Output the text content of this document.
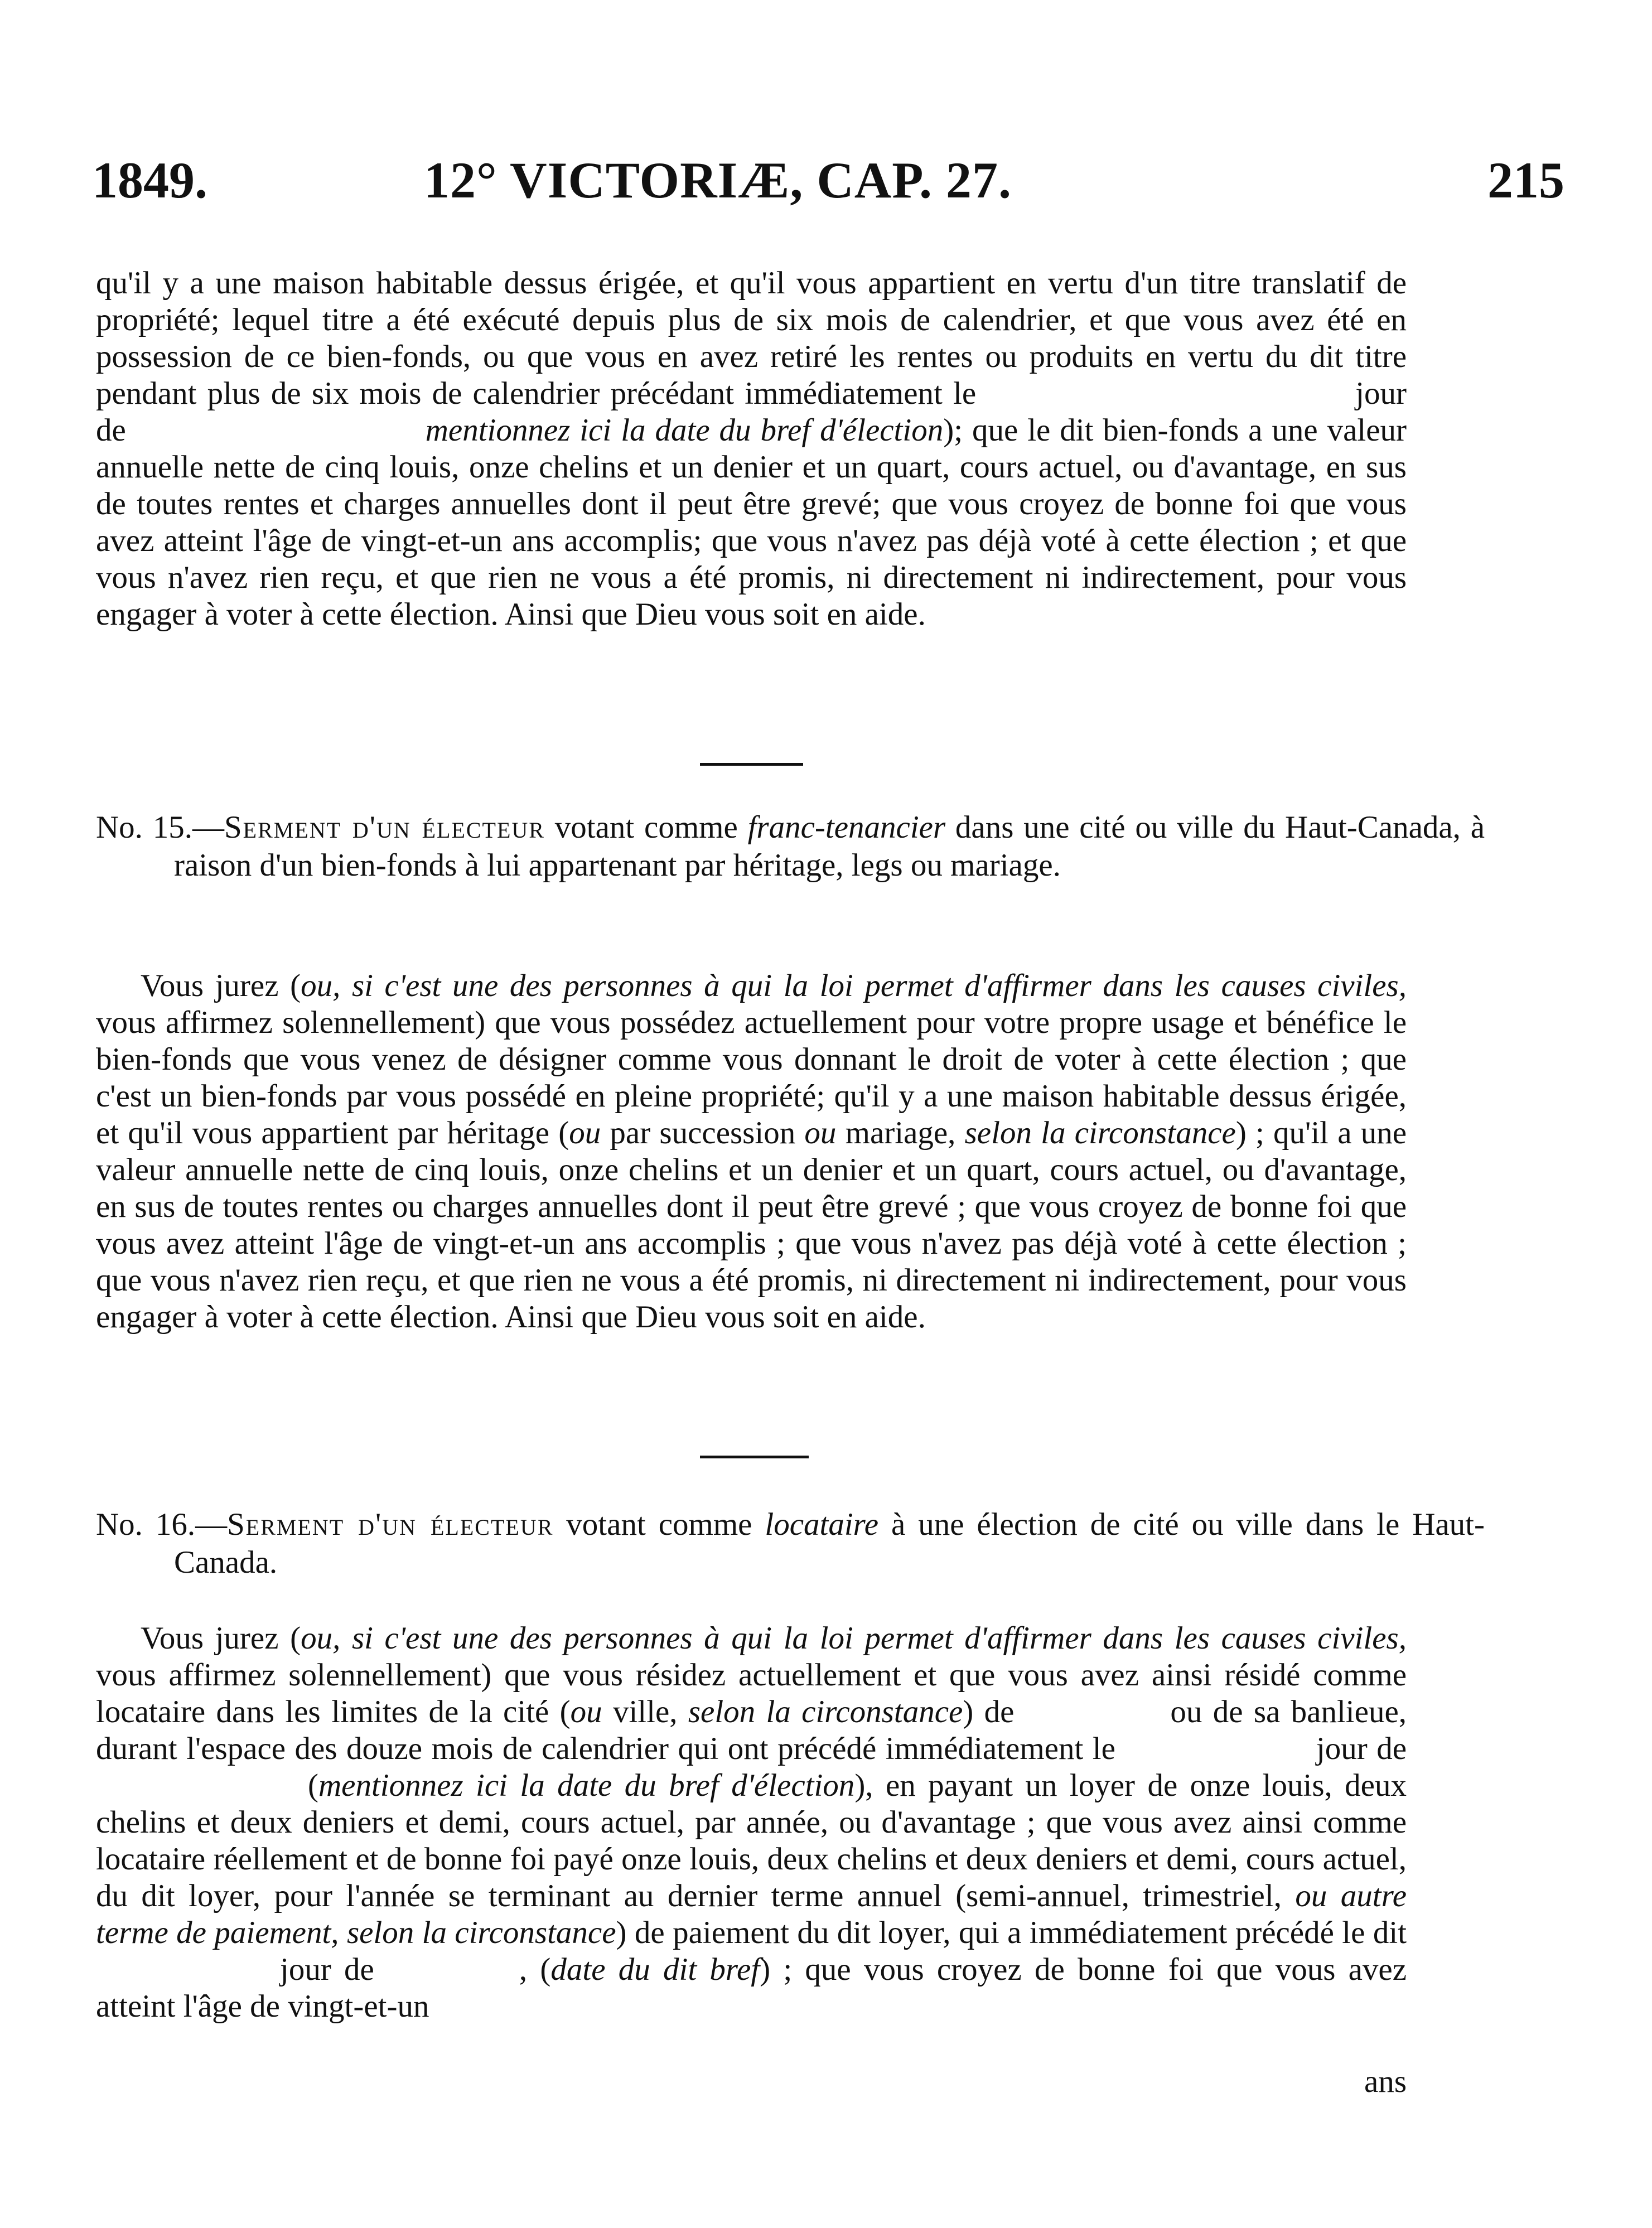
1849.	12° VICTORIÆ, CAP. 27.	215

qu'il y a une maison habitable dessus érigée, et qu'il vous appartient en vertu d'un titre translatif de propriété; lequel titre a été exécuté depuis plus de six mois de calendrier, et que vous avez été en possession de ce bien-fonds, ou que vous en avez retiré les rentes ou produits en vertu du dit titre pendant plus de six mois de calendrier précédant immédiatement le	jour de	mentionnez ici la date du bref d'élection); que le dit bien-fonds a une valeur annuelle nette de cinq louis, onze chelins et un denier et un quart, cours actuel, ou d'avantage, en sus de toutes rentes et charges annuelles dont il peut être grevé; que vous croyez de bonne foi que vous avez atteint l'âge de vingt-et-un ans accomplis; que vous n'avez pas déjà voté à cette élection ; et que vous n'avez rien reçu, et que rien ne vous a été promis, ni directement ni indirectement, pour vous engager à voter à cette élection. Ainsi que Dieu vous soit en aide.

No. 15.—Serment d'un électeur votant comme franc-tenancier dans une cité ou ville du Haut-Canada, à raison d'un bien-fonds à lui appartenant par héritage, legs ou mariage.

Vous jurez (ou, si c'est une des personnes à qui la loi permet d'affirmer dans les causes civiles, vous affirmez solennellement) que vous possédez actuellement pour votre propre usage et bénéfice le bien-fonds que vous venez de désigner comme vous donnant le droit de voter à cette élection ; que c'est un bien-fonds par vous possédé en pleine propriété; qu'il y a une maison habitable dessus érigée, et qu'il vous appartient par héritage (ou par succession ou mariage, selon la circonstance) ; qu'il a une valeur annuelle nette de cinq louis, onze chelins et un denier et un quart, cours actuel, ou d'avantage, en sus de toutes rentes ou charges annuelles dont il peut être grevé ; que vous croyez de bonne foi que vous avez atteint l'âge de vingt-et-un ans accomplis ; que vous n'avez pas déjà voté à cette élection ; que vous n'avez rien reçu, et que rien ne vous a été promis, ni directement ni indirectement, pour vous engager à voter à cette élection. Ainsi que Dieu vous soit en aide.

No. 16.—Serment d'un électeur votant comme locataire à une élection de cité ou ville dans le Haut-Canada.

Vous jurez (ou, si c'est une des personnes à qui la loi permet d'affirmer dans les causes civiles, vous affirmez solennellement) que vous résidez actuellement et que vous avez ainsi résidé comme locataire dans les limites de la cité (ou ville, selon la circonstance) de	ou de sa banlieue, durant l'espace des douze mois de calendrier qui ont précédé immédiatement le	jour de(mentionnez ici la date du bref d'élection), en payant un loyer de onze louis, deux chelins et deux deniers et demi, cours actuel, par année, ou d'avantage ; que vous avez ainsi comme locataire réellement et de bonne foi payé onze louis, deux chelins et deux deniers et demi, cours actuel, du dit loyer, pour l'année se terminant au dernier terme annuel (semi-annuel, trimestriel, ou autre terme de paiement, selon la circonstance) de paiement du dit loyer, qui a immédiatement précédé le ditjour de	, (date du dit bref) ; que vous croyez de bonne foi que vous avez atteint l'âge de vingt-et-un

ans
